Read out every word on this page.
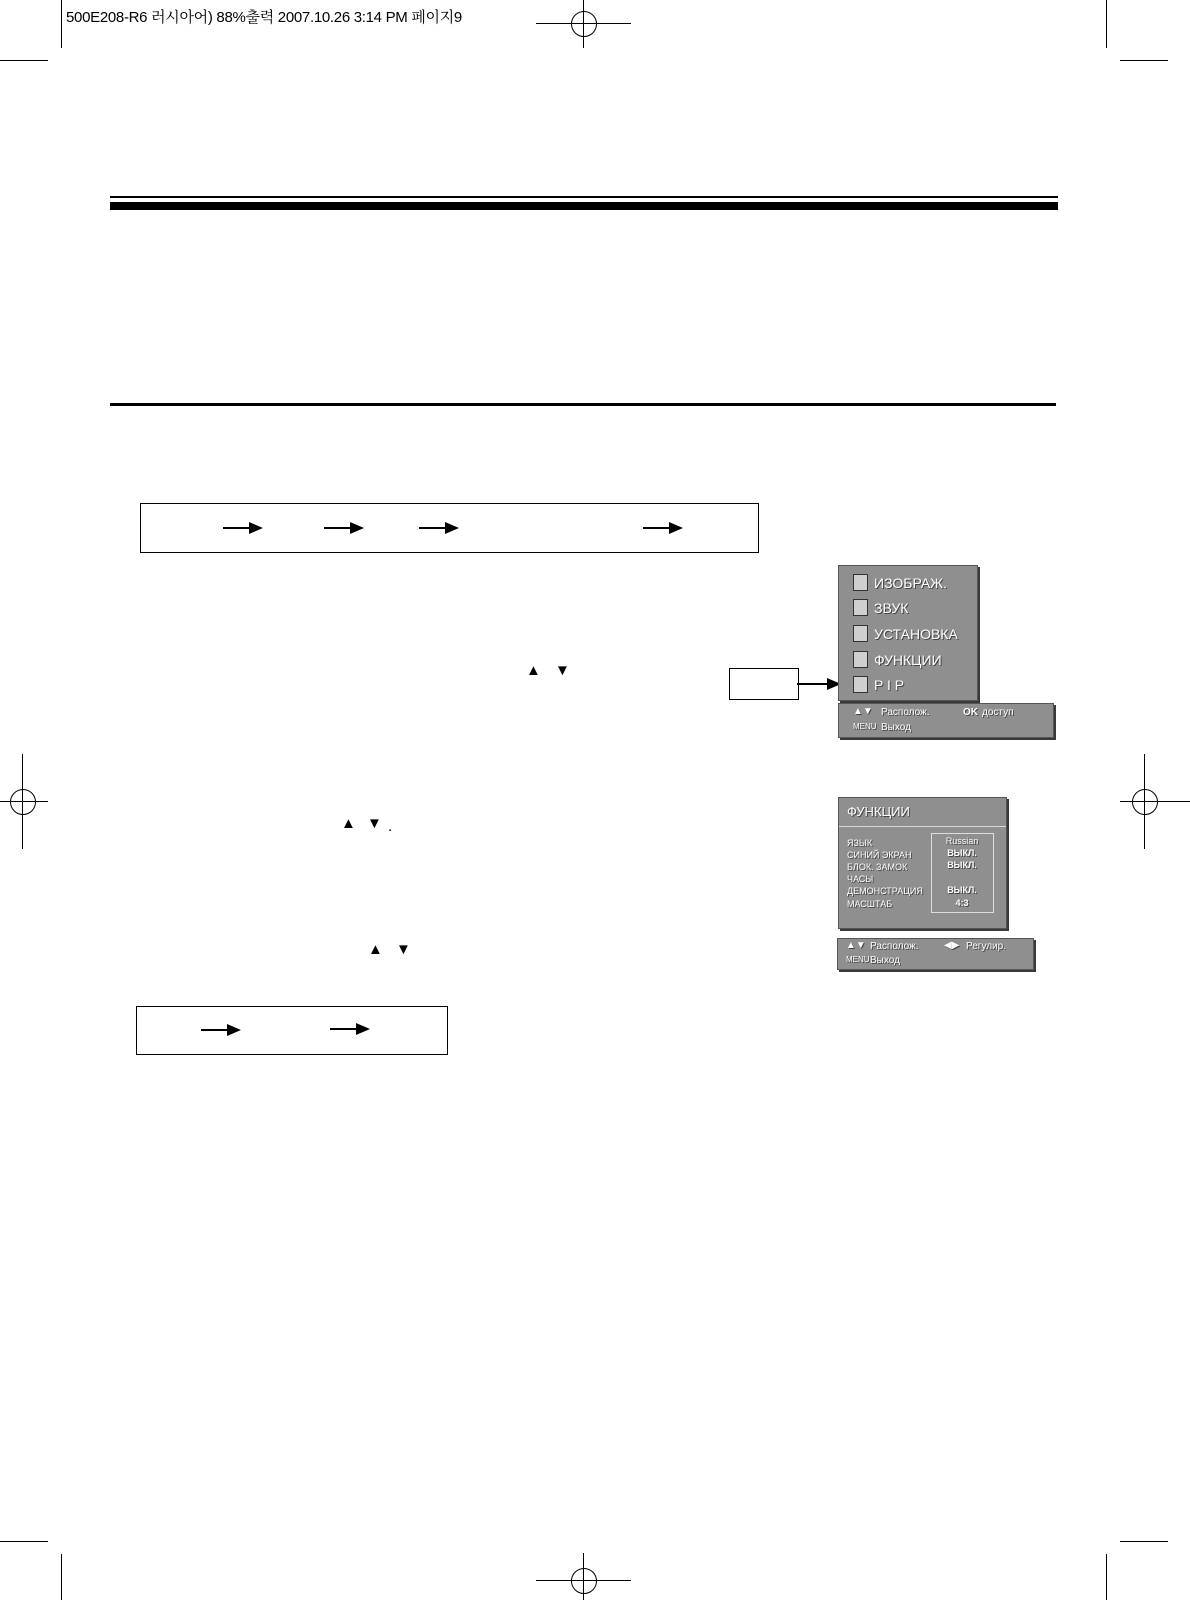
500E208-R6 러시아어) 88%출력 2007.10.26 3:14 PM 페이지9
▲ ▼
ИЗОБРАЖ.
ЗВУК
УСТАНОВКА
ФУНКЦИИ
P I P
▲▼ Располож.	OK доступ
MENU Выход
▲ ▼ .
ФУНКЦИИ
ЯЗЫК
СИНИЙ ЭКРАН
БЛОК. ЗАМОК
ЧАСЫ
ДЕМОНСТРАЦИЯ
МАСШТАБ
Russian
ВЫКЛ.
ВЫКЛ.
ВЫКЛ.
4:3
▲▼ Располож.	◀▶ Регулир.
MENU Выход
▲ ▼
